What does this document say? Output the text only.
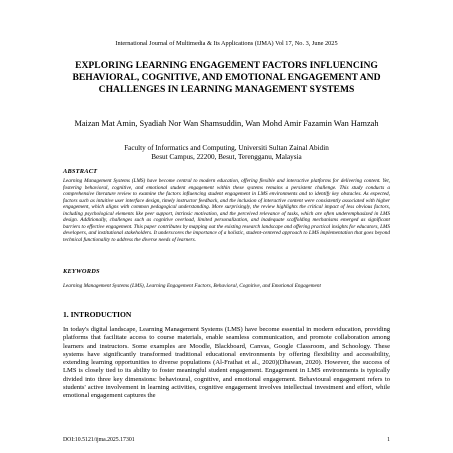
International Journal of Multimedia & Its Applications (IJMA) Vol 17, No. 3, June 2025
EXPLORING LEARNING ENGAGEMENT FACTORS INFLUENCING BEHAVIORAL, COGNITIVE, AND EMOTIONAL ENGAGEMENT AND CHALLENGES IN LEARNING MANAGEMENT SYSTEMS
Maizan Mat Amin, Syadiah Nor Wan Shamsuddin, Wan Mohd Amir Fazamin Wan Hamzah
Faculty of Informatics and Computing, Universiti Sultan Zainal Abidin
Besut Campus, 22200, Besut, Terengganu, Malaysia
ABSTRACT
Learning Management Systems (LMS) have become central to modern education, offering flexible and interactive platforms for delivering content. Yet, fostering behavioral, cognitive, and emotional student engagement within these systems remains a persistent challenge. This study conducts a comprehensive literature review to examine the factors influencing student engagement in LMS environments and to identify key obstacles. As expected, factors such as intuitive user interface design, timely instructor feedback, and the inclusion of interactive content were consistently associated with higher engagement, which aligns with common pedagogical understanding. More surprisingly, the review highlights the critical impact of less obvious factors, including psychological elements like peer support, intrinsic motivation, and the perceived relevance of tasks, which are often underemphasized in LMS design. Additionally, challenges such as cognitive overload, limited personalization, and inadequate scaffolding mechanisms emerged as significant barriers to effective engagement. This paper contributes by mapping out the existing research landscape and offering practical insights for educators, LMS developers, and institutional stakeholders. It underscores the importance of a holistic, student-centered approach to LMS implementation that goes beyond technical functionality to address the diverse needs of learners.
KEYWORDS
Learning Management Systems (LMS), Learning Engagement Factors, Behavioral, Cognitive, and Emotional Engagement
1. INTRODUCTION
In today's digital landscape, Learning Management Systems (LMS) have become essential in modern education, providing platforms that facilitate access to course materials, enable seamless communication, and promote collaboration among learners and instructors. Some examples are Moodle, Blackboard, Canvas, Google Classroom, and Schoology. These systems have significantly transformed traditional educational environments by offering flexibility and accessibility, extending learning opportunities to diverse populations (Al-Fraihat et al., 2020)(Dhawan, 2020). However, the success of LMS is closely tied to its ability to foster meaningful student engagement. Engagement in LMS environments is typically divided into three key dimensions: behavioural, cognitive, and emotional engagement. Behavioural engagement refers to students' active involvement in learning activities, cognitive engagement involves intellectual investment and effort, while emotional engagement captures the
DOI:10.5121/ijma.2025.17301	1
